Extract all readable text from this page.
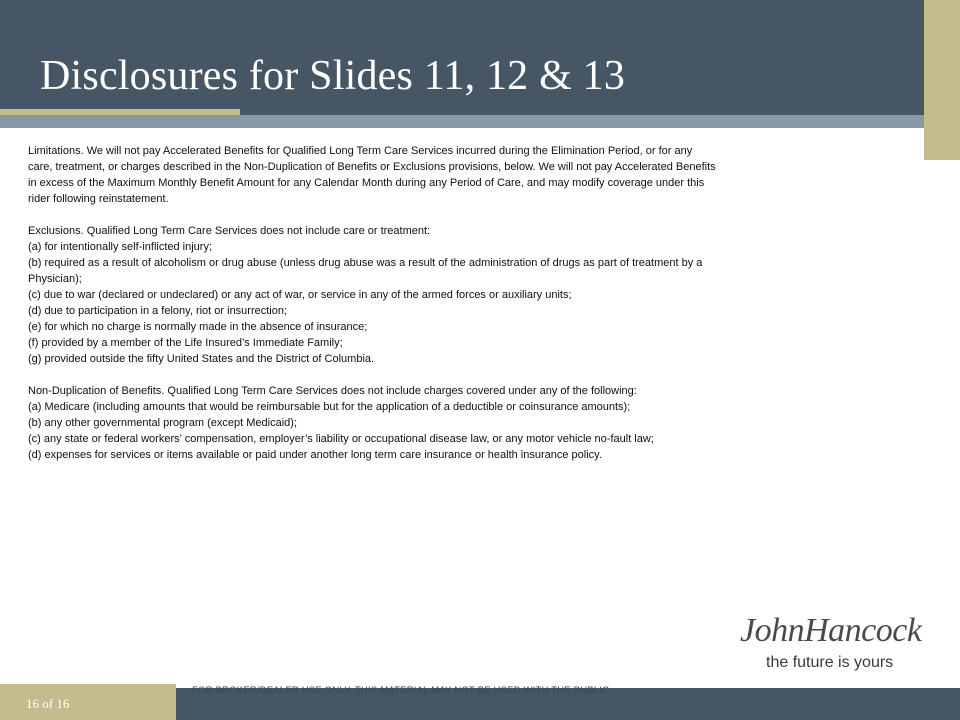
Disclosures for Slides 11, 12 & 13

Limitations. We will not pay Accelerated Benefits for Qualified Long Term Care Services incurred during the Elimination Period, or for any
care, treatment, or charges described in the Non-Duplication of Benefits or Exclusions provisions, below. We will not pay Accelerated Benefits
in excess of the Maximum Monthly Benefit Amount for any Calendar Month during any Period of Care, and may modify coverage under this
rider following reinstatement.

Exclusions. Qualified Long Term Care Services does not include care or treatment:
(a) for intentionally self-inflicted injury;
(b) required as a result of alcoholism or drug abuse (unless drug abuse was a result of the administration of drugs as part of treatment by a
Physician);
(c) due to war (declared or undeclared) or any act of war, or service in any of the armed forces or auxiliary units;
(d) due to participation in a felony, riot or insurrection;
(e) for which no charge is normally made in the absence of insurance;
(f) provided by a member of the Life Insured’s Immediate Family;
(g) provided outside the fifty United States and the District of Columbia.

Non-Duplication of Benefits. Qualified Long Term Care Services does not include charges covered under any of the following:
(a) Medicare (including amounts that would be reimbursable but for the application of a deductible or coinsurance amounts);
(b) any other governmental program (except Medicaid);
(c) any state or federal workers’ compensation, employer’s liability or occupational disease law, or any motor vehicle no-fault law;
(d) expenses for services or items available or paid under another long term care insurance or health insurance policy.

JohnHancock
the future is yours
16 of 16
FOR BROKER/DEALER USE ONLY. THIS MATERIAL MAY NOT BE USED WITH THE PUBLIC.
